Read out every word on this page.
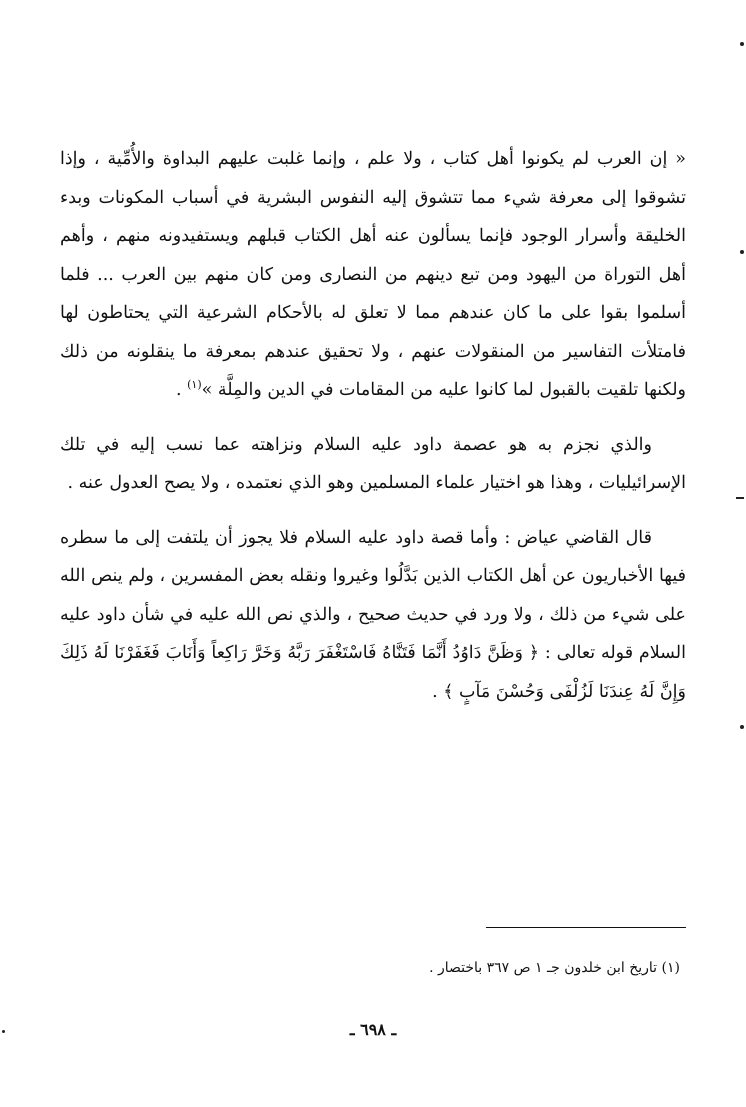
« إن العرب لم يكونوا أهل كتاب ، ولا علم ، وإنما غلبت عليهم البداوة والأُمِّية ، وإذا تشوقوا إلى معرفة شيء مما تتشوق إليه النفوس البشرية في أسباب المكونات وبدء الخليقة وأسرار الوجود فإنما يسألون عنه أهل الكتاب قبلهم ويستفيدونه منهم ، وأهم أهل التوراة من اليهود ومن تبع دينهم من النصارى ومن كان منهم بين العرب ... فلما أسلموا بقوا على ما كان عندهم مما لا تعلق له بالأحكام الشرعية التي يحتاطون لها فامتلأت التفاسير من المنقولات عنهم ، ولا تحقيق عندهم بمعرفة ما ينقلونه من ذلك ولكنها تلقيت بالقبول لما كانوا عليه من المقامات في الدين والمِلَّة »$^{(١)}$ .

والذي نجزم به هو عصمة داود عليه السلام ونزاهته عما نسب إليه في تلك الإسرائيليات ، وهذا هو اختيار علماء المسلمين وهو الذي نعتمده ، ولا يصح العدول عنه .

قال القاضي عياض : وأما قصة داود عليه السلام فلا يجوز أن يلتفت إلى ما سطره فيها الأخباريون عن أهل الكتاب الذين بَدَّلُوا وغيروا ونقله بعض المفسرين ، ولم ينص الله على شيء من ذلك ، ولا ورد في حديث صحيح ، والذي نص الله عليه في شأن داود عليه السلام قوله تعالى : ﴿ وَظَنَّ دَاوُدُ أَنَّمَا فَتَنَّاهُ فَاسْتَغْفَرَ رَبَّهُ وَخَرَّ رَاكِعاً وَأَنَابَ فَغَفَرْنَا لَهُ ذَلِكَ وَإِنَّ لَهُ عِندَنَا لَزُلْفَى وَحُسْنَ مَآبٍ ﴾ .

(١) تاريخ ابن خلدون جـ ١ ص ٣٦٧ باختصار .
ـ ٦٩٨ ـ
